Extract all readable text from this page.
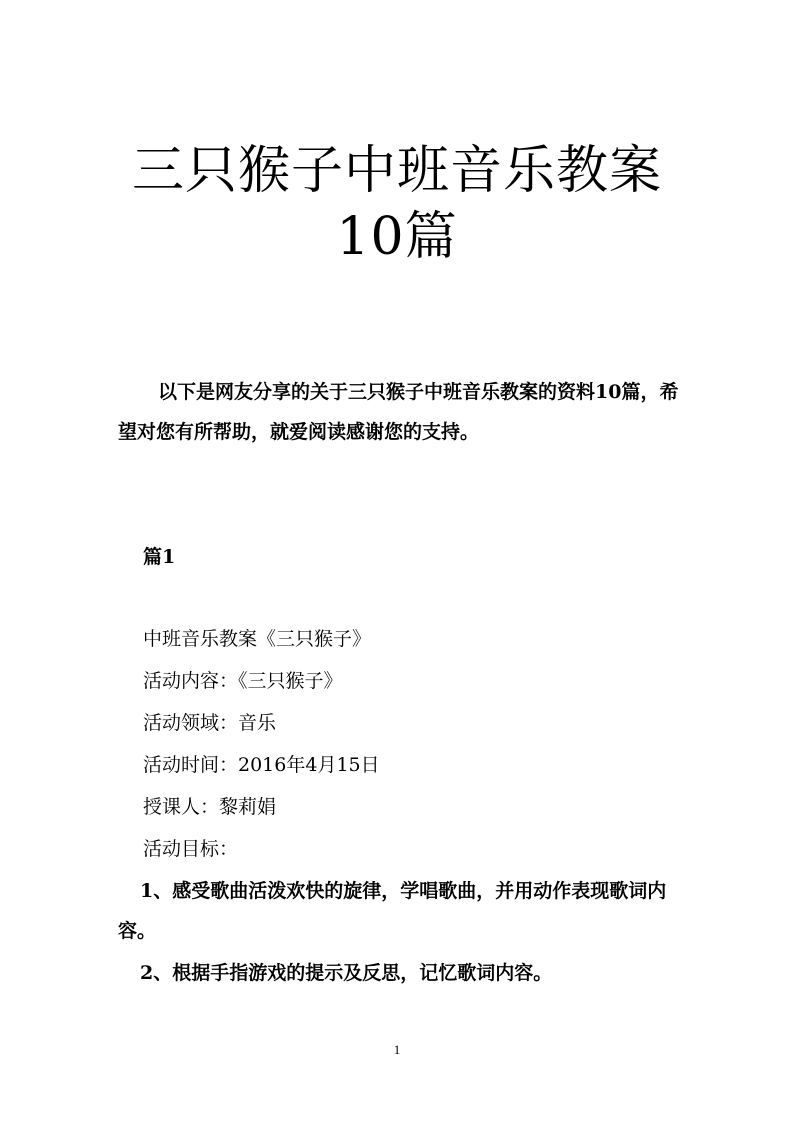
三只猴子中班音乐教案10篇

以下是网友分享的关于三只猴子中班音乐教案的资料10篇，希望对您有所帮助，就爱阅读感谢您的支持。

篇1
中班音乐教案《三只猴子》
活动内容：《三只猴子》
活动领域：音乐
活动时间：2016年4月15日
授课人：黎莉娟
活动目标：

1、感受歌曲活泼欢快的旋律，学唱歌曲，并用动作表现歌词内容。

2、根据手指游戏的提示及反思，记忆歌词内容。

1
